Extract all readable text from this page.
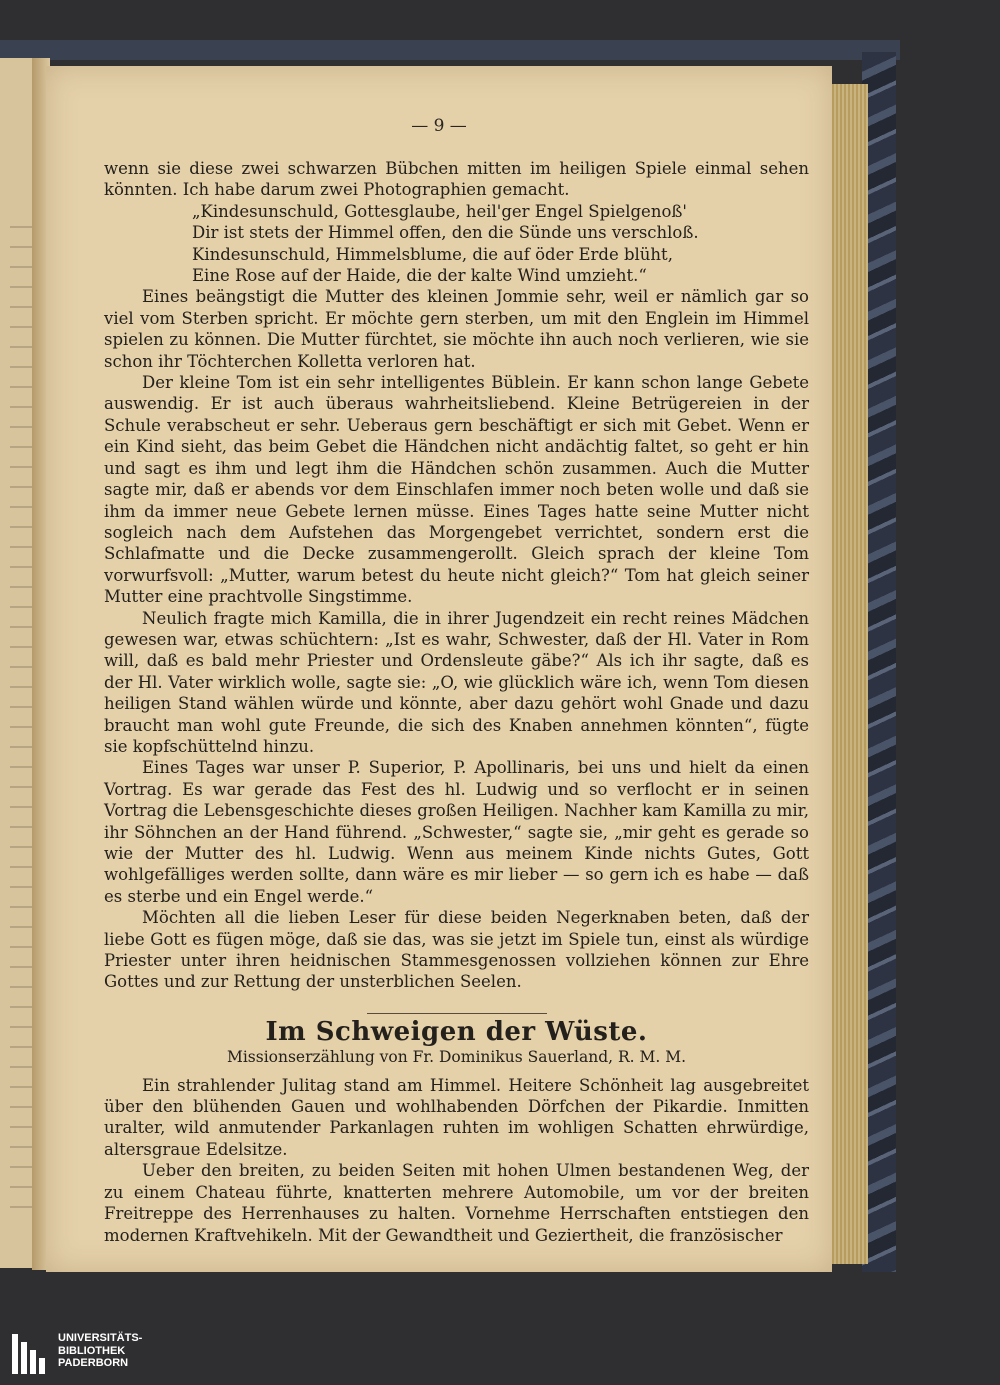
— 9 —

wenn sie diese zwei schwarzen Bübchen mitten im heiligen Spiele einmal sehen könnten. Ich habe darum zwei Photographien gemacht.

„Kindesunschuld, Gottesglaube, heil'ger Engel Spielgenoß'
Dir ist stets der Himmel offen, den die Sünde uns verschloß.
Kindesunschuld, Himmelsblume, die auf öder Erde blüht,
Eine Rose auf der Haide, die der kalte Wind umzieht.“

Eines beängstigt die Mutter des kleinen Jommie sehr, weil er nämlich gar so viel vom Sterben spricht. Er möchte gern sterben, um mit den Englein im Himmel spielen zu können. Die Mutter fürchtet, sie möchte ihn auch noch verlieren, wie sie schon ihr Töchterchen Kolletta verloren hat.

Der kleine Tom ist ein sehr intelligentes Büblein. Er kann schon lange Gebete auswendig. Er ist auch überaus wahrheitsliebend. Kleine Betrügereien in der Schule verabscheut er sehr. Ueberaus gern beschäftigt er sich mit Gebet. Wenn er ein Kind sieht, das beim Gebet die Händchen nicht andächtig faltet, so geht er hin und sagt es ihm und legt ihm die Händchen schön zusammen. Auch die Mutter sagte mir, daß er abends vor dem Einschlafen immer noch beten wolle und daß sie ihm da immer neue Gebete lernen müsse. Eines Tages hatte seine Mutter nicht sogleich nach dem Aufstehen das Morgengebet verrichtet, sondern erst die Schlafmatte und die Decke zusammengerollt. Gleich sprach der kleine Tom vorwurfsvoll: „Mutter, warum betest du heute nicht gleich?“ Tom hat gleich seiner Mutter eine prachtvolle Singstimme.

Neulich fragte mich Kamilla, die in ihrer Jugendzeit ein recht reines Mädchen gewesen war, etwas schüchtern: „Ist es wahr, Schwester, daß der Hl. Vater in Rom will, daß es bald mehr Priester und Ordensleute gäbe?“ Als ich ihr sagte, daß es der Hl. Vater wirklich wolle, sagte sie: „O, wie glücklich wäre ich, wenn Tom diesen heiligen Stand wählen würde und könnte, aber dazu gehört wohl Gnade und dazu braucht man wohl gute Freunde, die sich des Knaben annehmen könnten“, fügte sie kopfschüttelnd hinzu.

Eines Tages war unser P. Superior, P. Apollinaris, bei uns und hielt da einen Vortrag. Es war gerade das Fest des hl. Ludwig und so verflocht er in seinen Vortrag die Lebensgeschichte dieses großen Heiligen. Nachher kam Kamilla zu mir, ihr Söhnchen an der Hand führend. „Schwester,“ sagte sie, „mir geht es gerade so wie der Mutter des hl. Ludwig. Wenn aus meinem Kinde nichts Gutes, Gott wohlgefälliges werden sollte, dann wäre es mir lieber — so gern ich es habe — daß es sterbe und ein Engel werde.“

Möchten all die lieben Leser für diese beiden Negerknaben beten, daß der liebe Gott es fügen möge, daß sie das, was sie jetzt im Spiele tun, einst als würdige Priester unter ihren heidnischen Stammesgenossen vollziehen können zur Ehre Gottes und zur Rettung der unsterblichen Seelen.

Im Schweigen der Wüste.
Missionserzählung von Fr. Dominikus Sauerland, R. M. M.

Ein strahlender Julitag stand am Himmel. Heitere Schönheit lag ausgebreitet über den blühenden Gauen und wohlhabenden Dörfchen der Pikardie. Inmitten uralter, wild anmutender Parkanlagen ruhten im wohligen Schatten ehrwürdige, altersgraue Edelsitze.

Ueber den breiten, zu beiden Seiten mit hohen Ulmen bestandenen Weg, der zu einem Chateau führte, knatterten mehrere Automobile, um vor der breiten Freitreppe des Herrenhauses zu halten. Vornehme Herrschaften entstiegen den modernen Kraftvehikeln. Mit der Gewandtheit und Geziertheit, die französischer

UNIVERSITÄTS-
BIBLIOTHEK
PADERBORN
